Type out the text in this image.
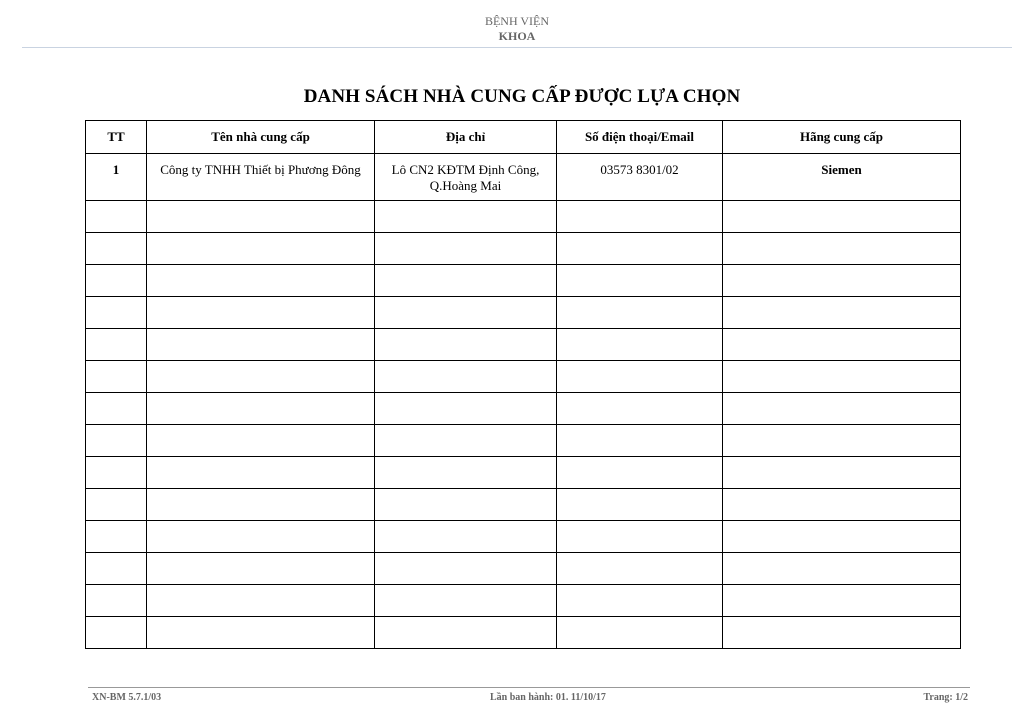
BỆNH VIỆN
KHOA
DANH SÁCH NHÀ CUNG CẤP ĐƯỢC LỰA CHỌN
TT	Tên nhà cung cấp	Địa chỉ	Số điện thoại/Email	Hãng cung cấp
1	Công ty TNHH Thiết bị Phương Đông	Lô CN2 KĐTM Định Công, Q.Hoàng Mai	03573 8301/02	Siemen

XN-BM 5.7.1/03	Lần ban hành: 01. 11/10/17	Trang: 1/2
